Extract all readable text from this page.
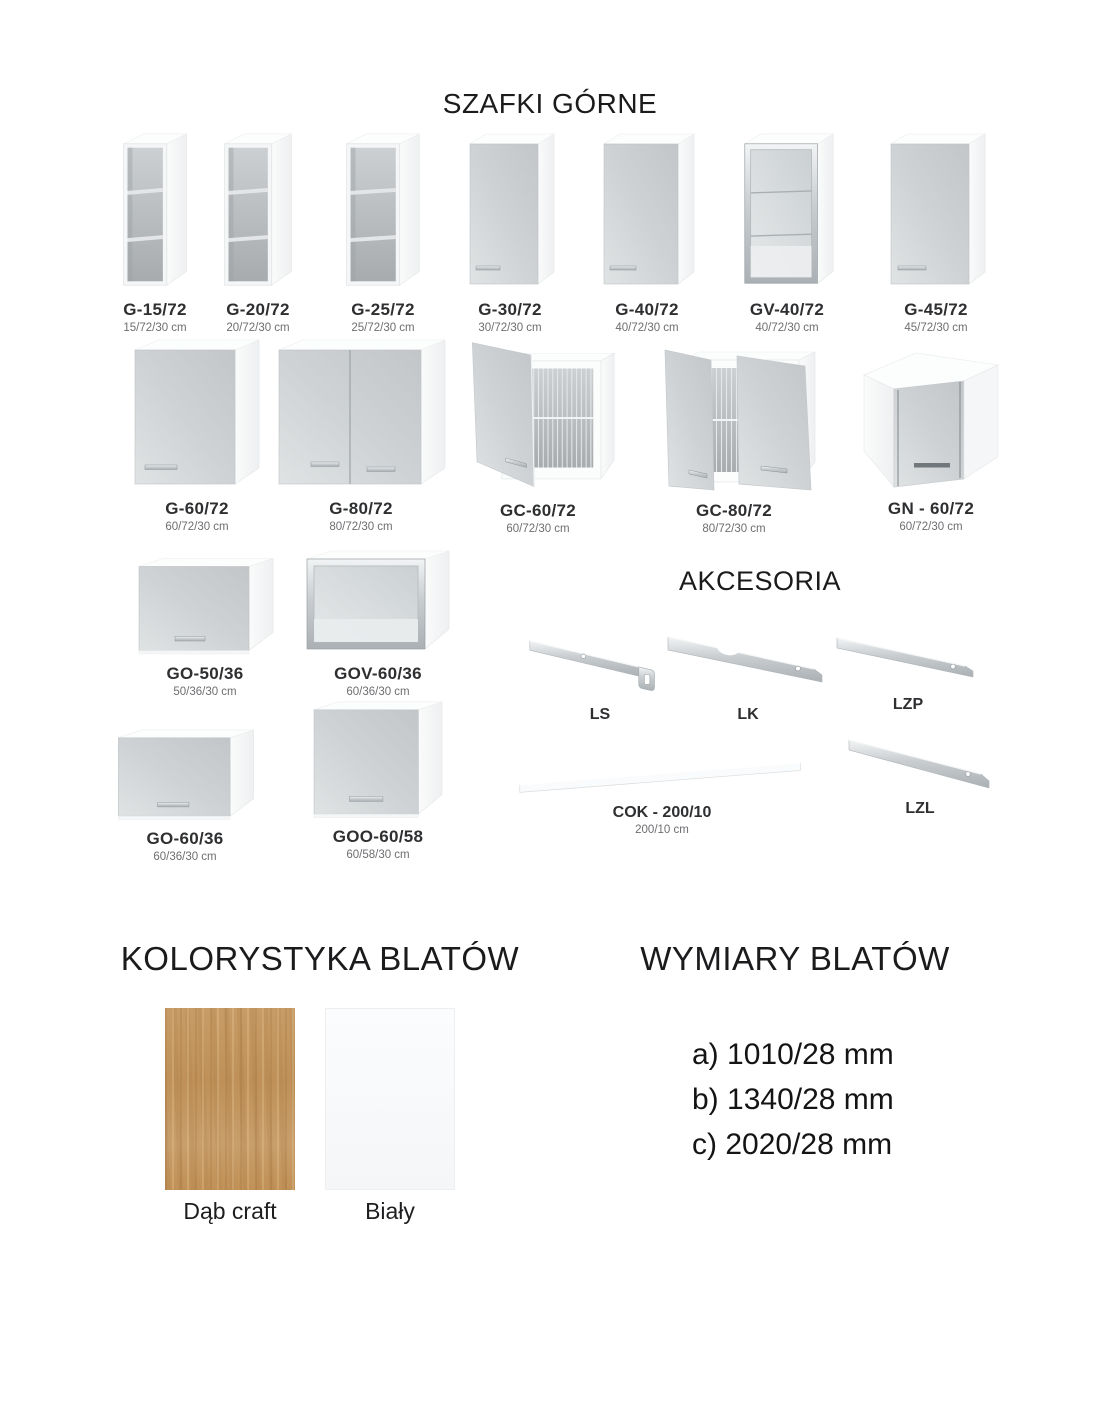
SZAFKI GÓRNE
G-15/72
15/72/30 cm
G-20/72
20/72/30 cm
G-25/72
25/72/30 cm
G-30/72
30/72/30 cm
G-40/72
40/72/30 cm
GV-40/72
40/72/30 cm
G-45/72
45/72/30 cm
G-60/72
60/72/30 cm
G-80/72
80/72/30 cm
GC-60/72
60/72/30 cm
GC-80/72
80/72/30 cm
GN - 60/72
60/72/30 cm
GO-50/36
50/36/30 cm
GOV-60/36
60/36/30 cm
GO-60/36
60/36/30 cm
GOO-60/58
60/58/30 cm
AKCESORIA
LS	LK
LZP
COK - 200/10
200/10 cm
LZL
KOLORYSTYKA BLATÓW	WYMIARY BLATÓW
Dąb craft	Biały
a) 1010/28 mm
b) 1340/28 mm
c) 2020/28 mm
